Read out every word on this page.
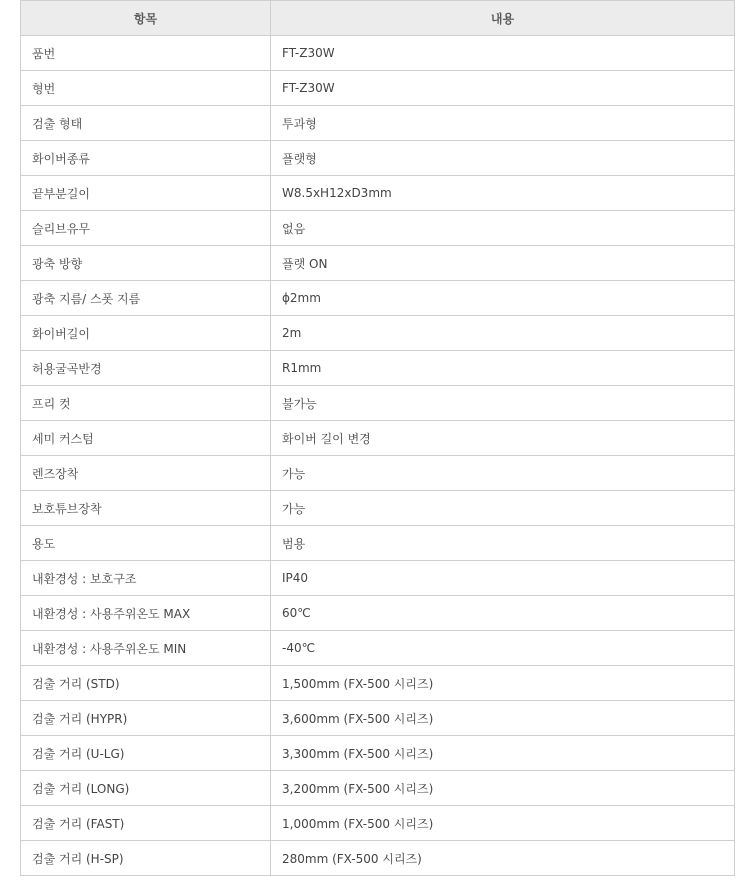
항목	내용
품번	FT-Z30W
형번	FT-Z30W
검출 형태	투과형
화이버종류	플랫형
끝부분길이	W8.5xH12xD3mm
슬리브유무	없음
광축 방향	플랫 ON
광축 지름/ 스폿 지름	ϕ2mm
화이버길이	2m
허용굴곡반경	R1mm
프리 컷	불가능
세미 커스텀	화이버 길이 변경
렌즈장착	가능
보호튜브장착	가능
용도	범용
내환경성 : 보호구조	IP40
내환경성 : 사용주위온도 MAX	60℃
내환경성 : 사용주위온도 MIN	-40℃
검출 거리 (STD)	1,500mm (FX-500 시리즈)
검출 거리 (HYPR)	3,600mm (FX-500 시리즈)
검출 거리 (U-LG)	3,300mm (FX-500 시리즈)
검출 거리 (LONG)	3,200mm (FX-500 시리즈)
검출 거리 (FAST)	1,000mm (FX-500 시리즈)
검출 거리 (H-SP)	280mm (FX-500 시리즈)
